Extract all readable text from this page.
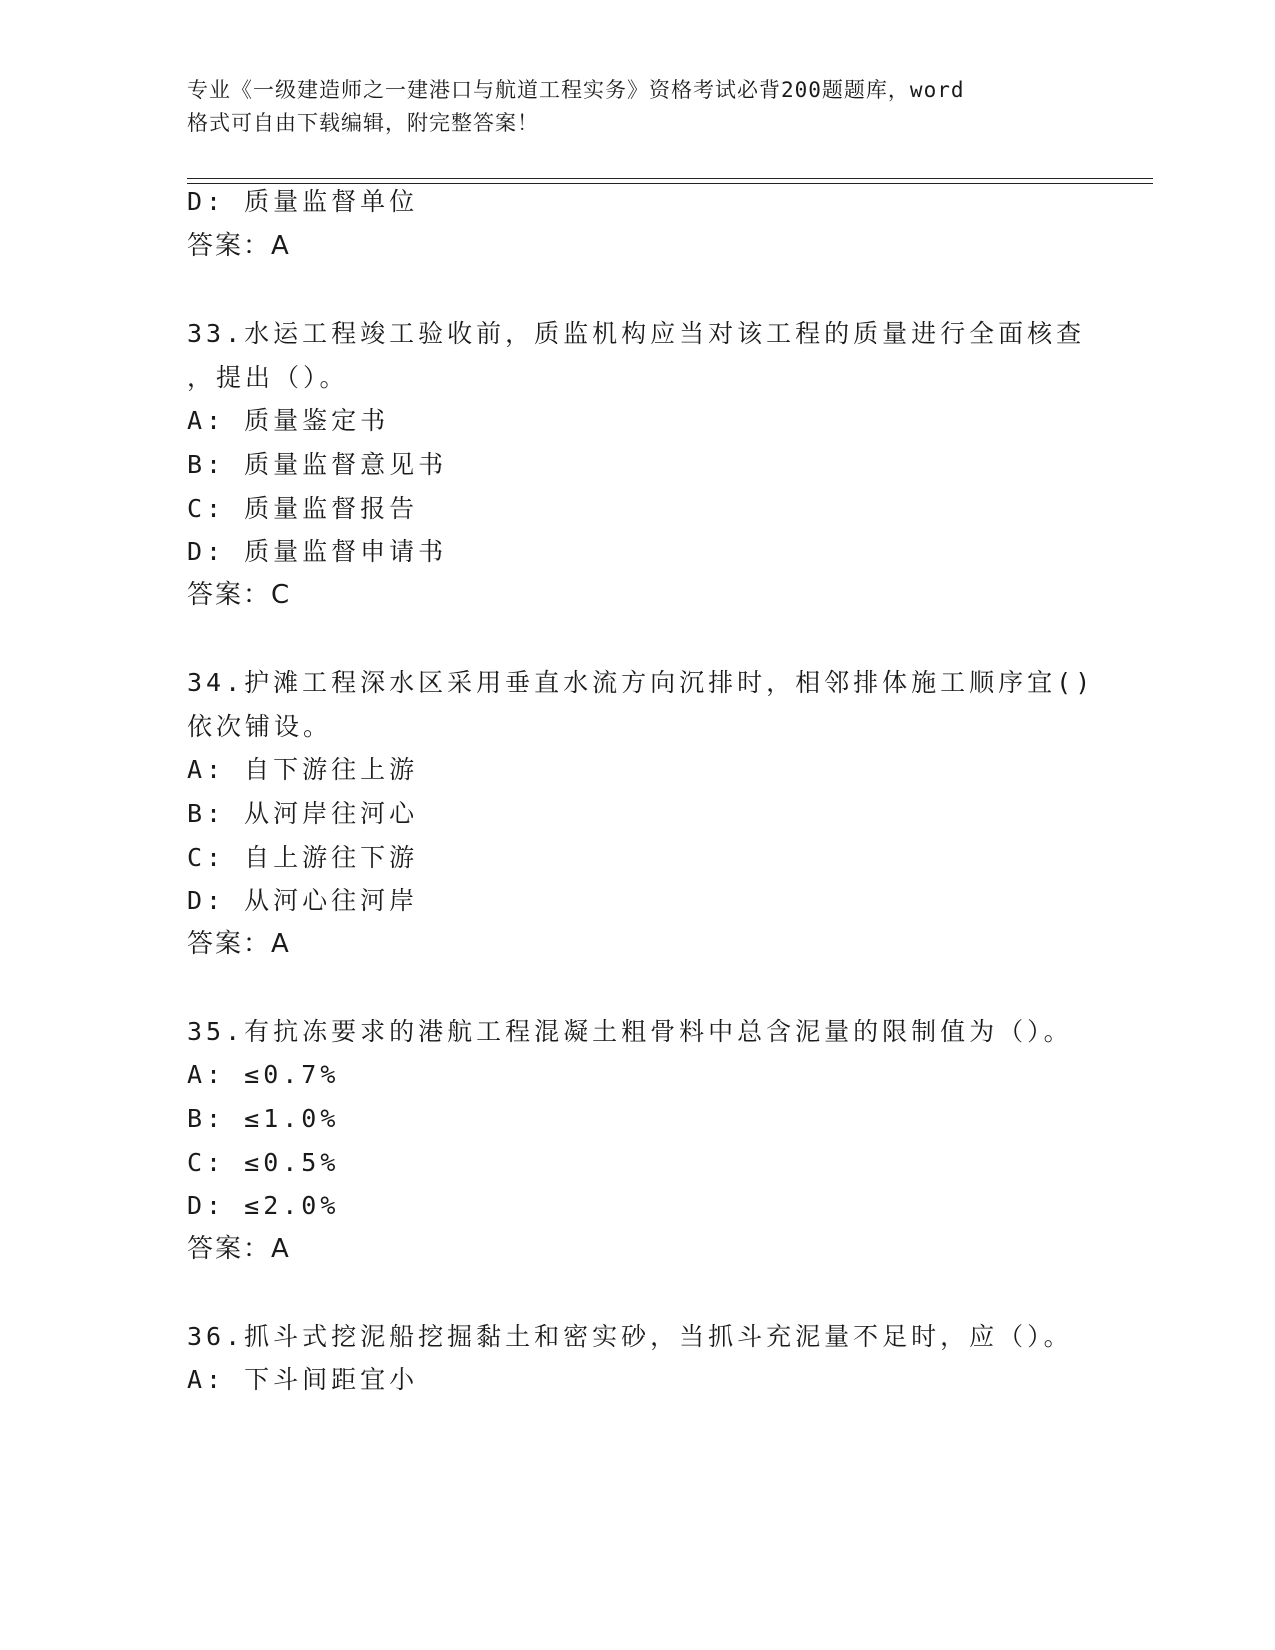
专业《一级建造师之一建港口与航道工程实务》资格考试必背200题题库，word
格式可自由下载编辑，附完整答案！
D: 质量监督单位
答案：A
33.水运工程竣工验收前，质监机构应当对该工程的质量进行全面核查
，提出（）。
A: 质量鉴定书
B: 质量监督意见书
C: 质量监督报告
D: 质量监督申请书
答案：C
34.护滩工程深水区采用垂直水流方向沉排时，相邻排体施工顺序宜()
依次铺设。
A: 自下游往上游
B: 从河岸往河心
C: 自上游往下游
D: 从河心往河岸
答案：A
35.有抗冻要求的港航工程混凝土粗骨料中总含泥量的限制值为（）。
A: ≤0.7%
B: ≤1.0%
C: ≤0.5%
D: ≤2.0%
答案：A
36.抓斗式挖泥船挖掘黏土和密实砂，当抓斗充泥量不足时，应（）。
A: 下斗间距宜小
